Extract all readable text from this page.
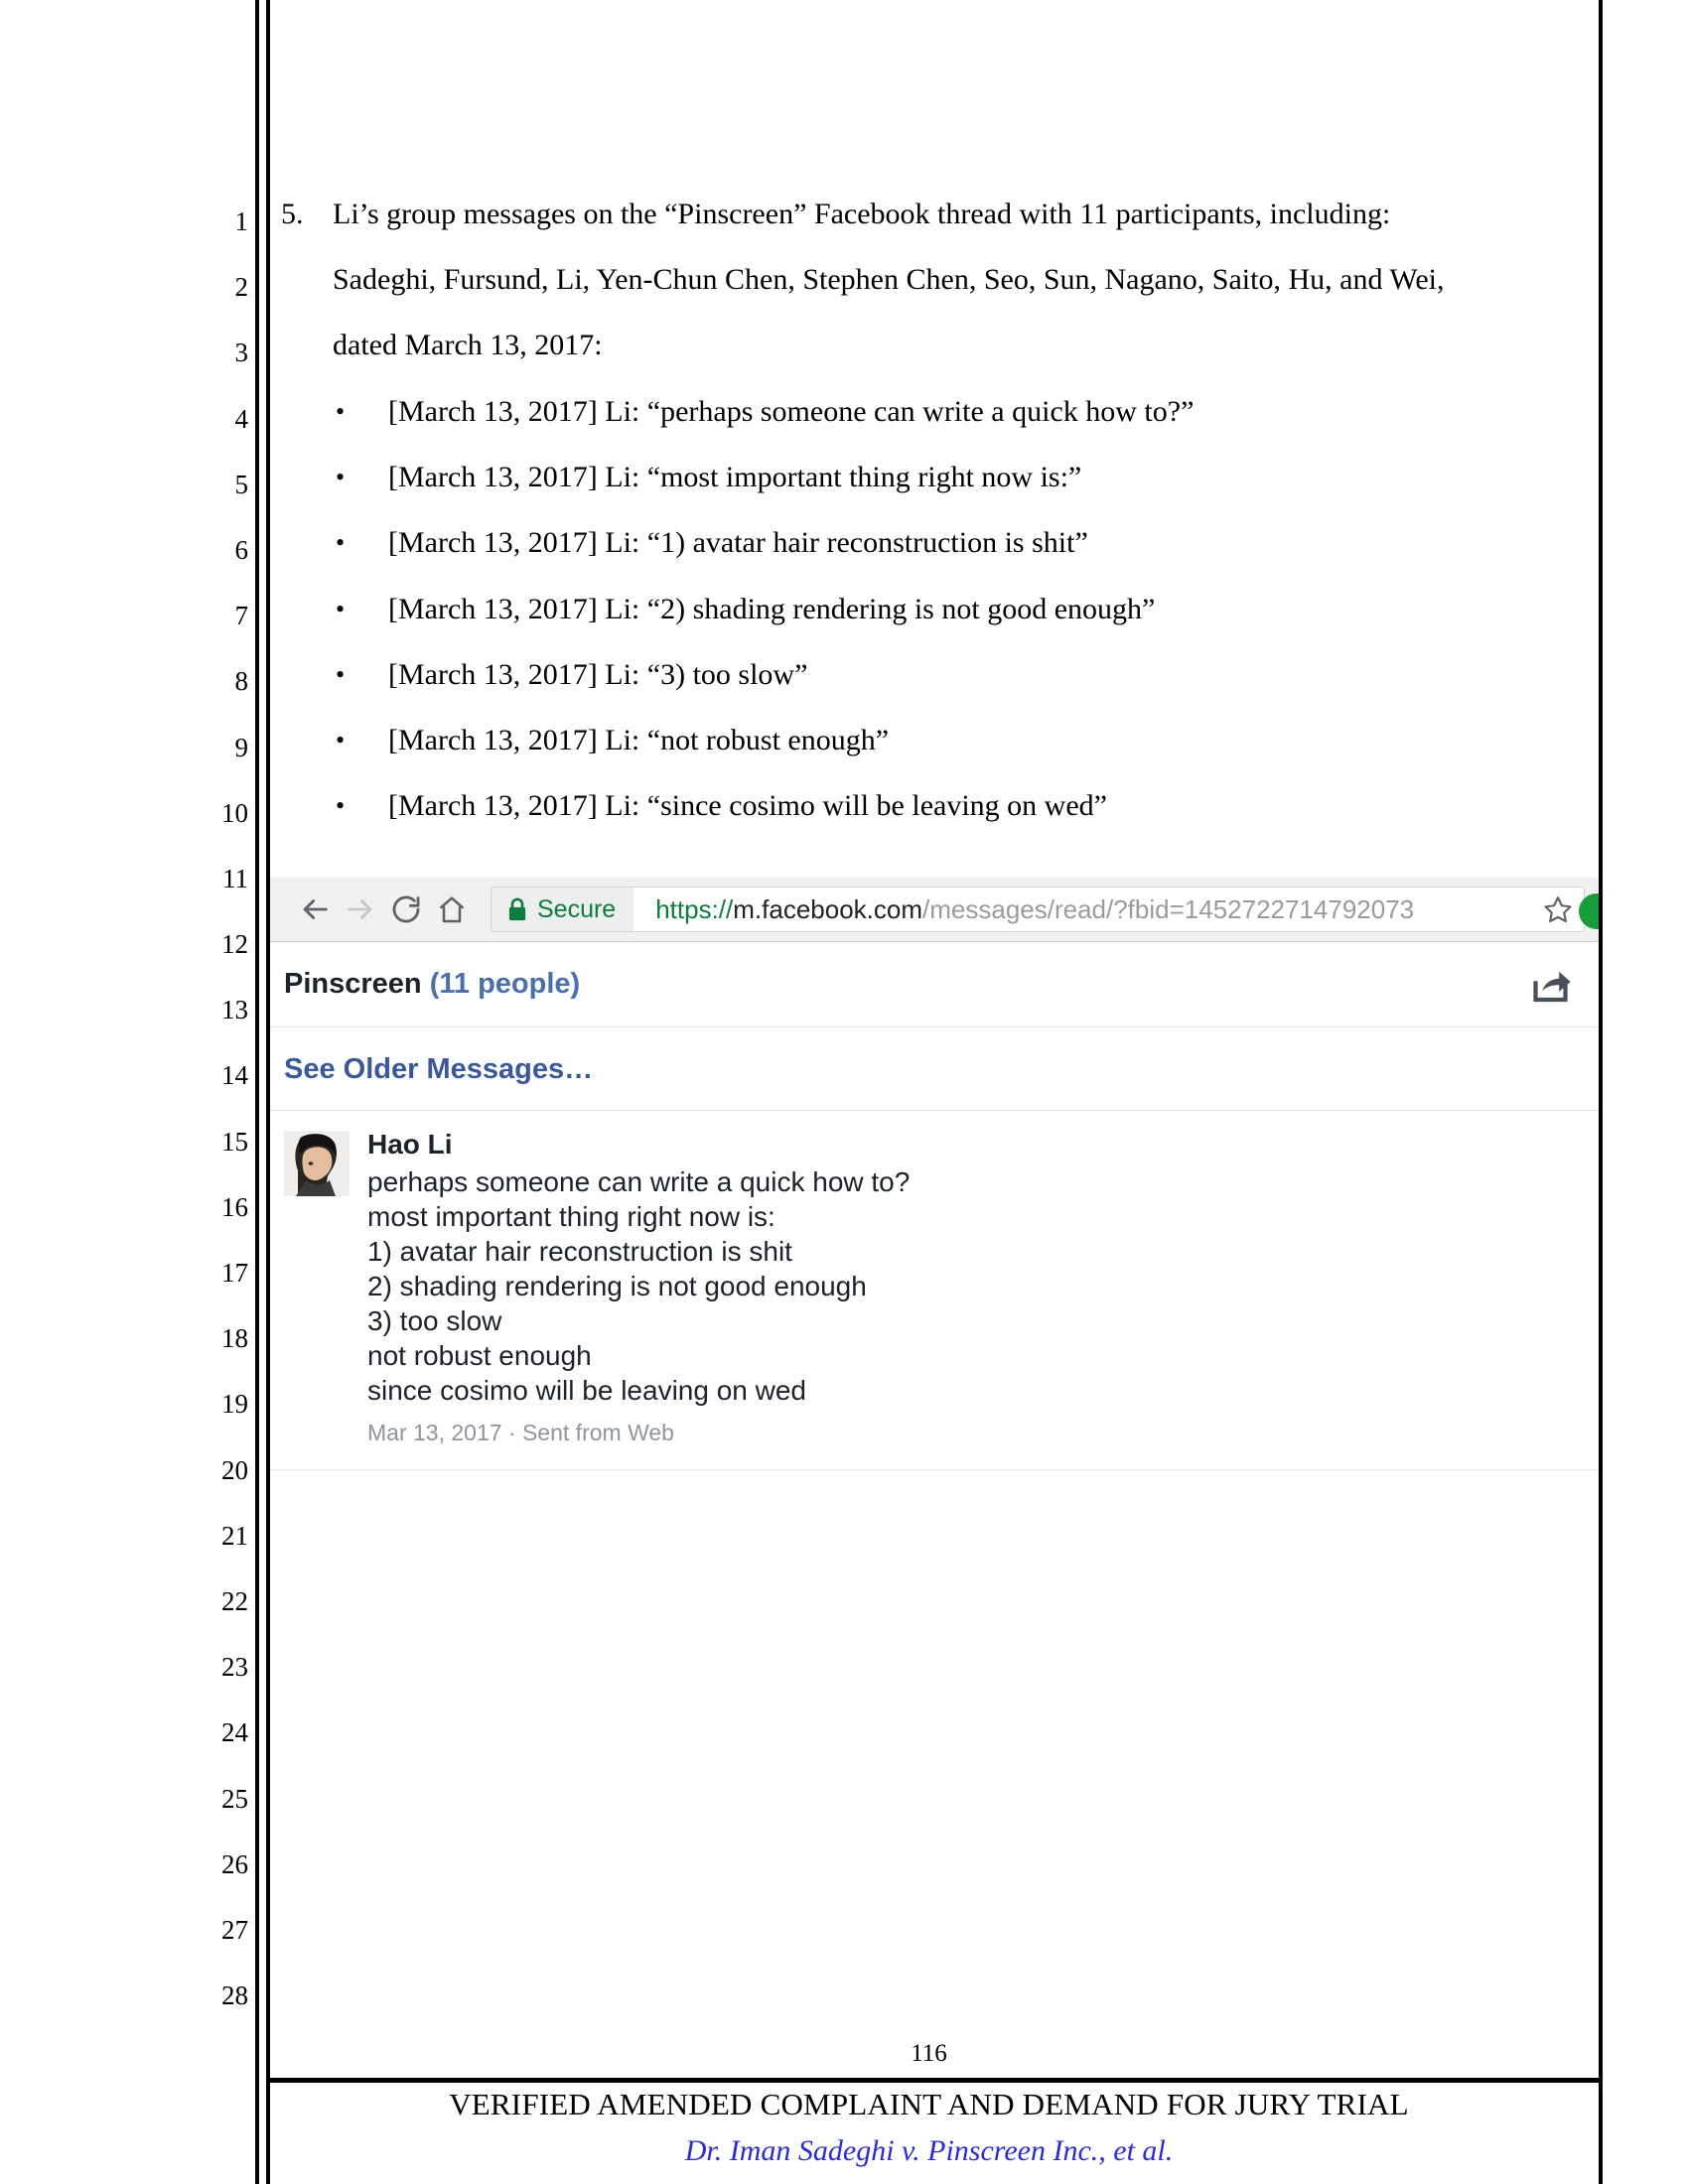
1
2
3
4
5
6
7
8
9
10
11
12
13
14
15
16
17
18
19
20
21
22
23
24
25
26
27
28
5. Li’s group messages on the “Pinscreen” Facebook thread with 11 participants, including:
Sadeghi, Fursund, Li, Yen-Chun Chen, Stephen Chen, Seo, Sun, Nagano, Saito, Hu, and Wei,
dated March 13, 2017:
• [March 13, 2017] Li: “perhaps someone can write a quick how to?”
• [March 13, 2017] Li: “most important thing right now is:”
• [March 13, 2017] Li: “1) avatar hair reconstruction is shit”
• [March 13, 2017] Li: “2) shading rendering is not good enough”
• [March 13, 2017] Li: “3) too slow”
• [March 13, 2017] Li: “not robust enough”
• [March 13, 2017] Li: “since cosimo will be leaving on wed”
Secure	https://m.facebook.com/messages/read/?fbid=1452722714792073
Pinscreen (11 people)
See Older Messages…
Hao Li
perhaps someone can write a quick how to?
most important thing right now is:
1) avatar hair reconstruction is shit
2) shading rendering is not good enough
3) too slow
not robust enough
since cosimo will be leaving on wed
Mar 13, 2017 · Sent from Web
116
VERIFIED AMENDED COMPLAINT AND DEMAND FOR JURY TRIAL
Dr. Iman Sadeghi v. Pinscreen Inc., et al.
